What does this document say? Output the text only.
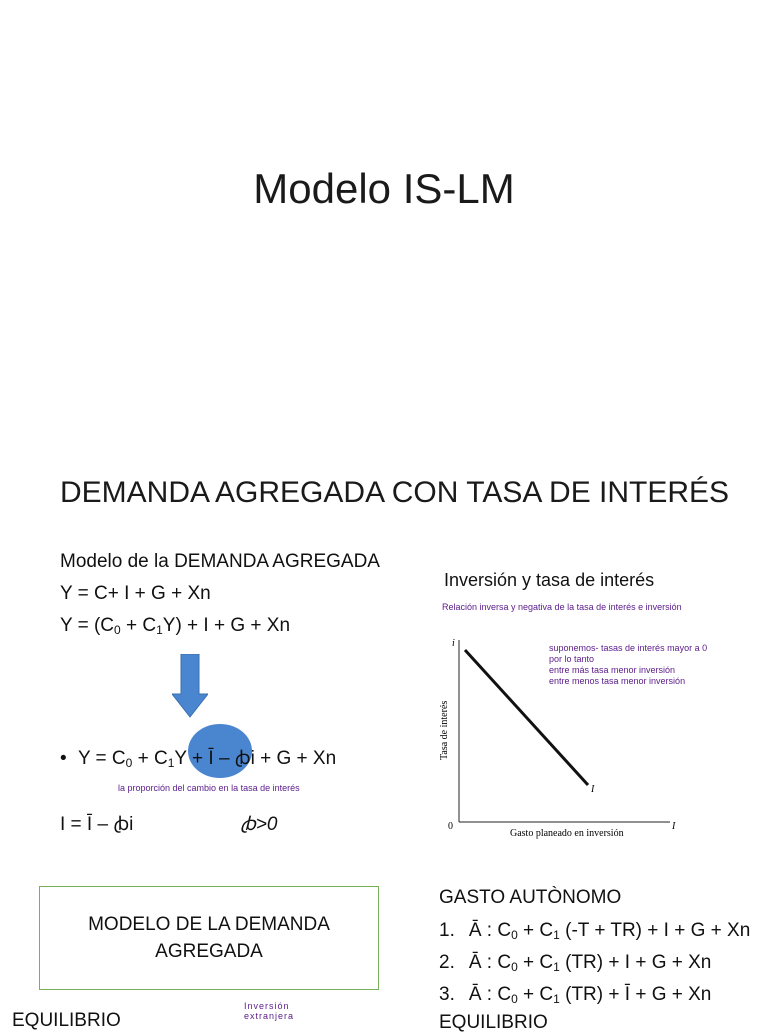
Modelo IS-LM
DEMANDA AGREGADA CON TASA DE INTERÉS
Modelo de la DEMANDA AGREGADA
Y = C+ I + G + Xn
$Y = (C_0 + C_1Y) + I + G + Xn$
• $Y = C_0 + C_1Y$ + Ī – ꞗi + G + Xn
la proporción del cambio en la tasa de interés
I = Ī – ꞗi	ꞗ>0
MODELO DE LA DEMANDA AGREGADA
EQUILIBRIO
Inversión extranjera
Inversión y tasa de interés
Relación inversa y negativa de la tasa de interés e inversión
suponemos- tasas de interés mayor a 0
por lo tanto
entre más tasa menor inversión
entre menos tasa menor inversión
i
0	I
I
Gasto planeado en inversión
Tasa de interés
GASTO AUTÒNOMO
1. Ā : $C_0 + C_1$ (-T + TR) + I + G + Xn
2. Ā : $C_0 + C_1$ (TR) + I + G + Xn
3. Ā : $C_0 + C_1$ (TR) + Ī + G + Xn
EQUILIBRIO
